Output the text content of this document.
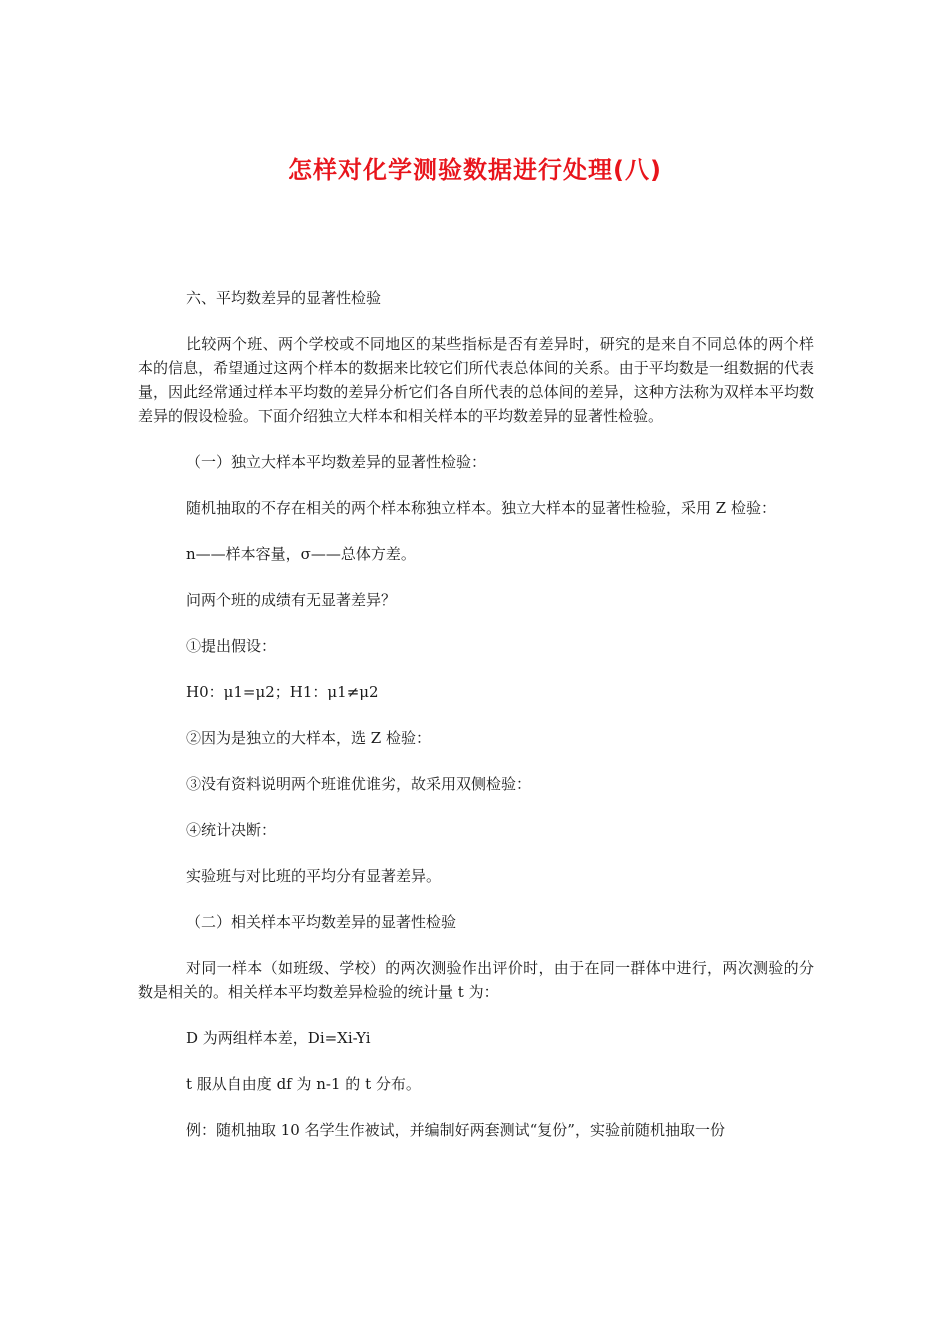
怎样对化学测验数据进行处理(八)

六、平均数差异的显著性检验

比较两个班、两个学校或不同地区的某些指标是否有差异时，研究的是来自不同总体的两个样本的信息，希望通过这两个样本的数据来比较它们所代表总体间的关系。由于平均数是一组数据的代表量，因此经常通过样本平均数的差异分析它们各自所代表的总体间的差异，这种方法称为双样本平均数差异的假设检验。下面介绍独立大样本和相关样本的平均数差异的显著性检验。

（一）独立大样本平均数差异的显著性检验：

随机抽取的不存在相关的两个样本称独立样本。独立大样本的显著性检验，采用 Z 检验：

n——样本容量，σ——总体方差。

问两个班的成绩有无显著差异？

①提出假设：

H0：μ1=μ2；H1：μ1≠μ2

②因为是独立的大样本，选 Z 检验：

③没有资料说明两个班谁优谁劣，故采用双侧检验：

④统计决断：

实验班与对比班的平均分有显著差异。

（二）相关样本平均数差异的显著性检验

对同一样本（如班级、学校）的两次测验作出评价时，由于在同一群体中进行，两次测验的分数是相关的。相关样本平均数差异检验的统计量 t 为：

D 为两组样本差，Di=Xi-Yi

t 服从自由度 df 为 n-1 的 t 分布。

例：随机抽取 10 名学生作被试，并编制好两套测试“复份”，实验前随机抽取一份
